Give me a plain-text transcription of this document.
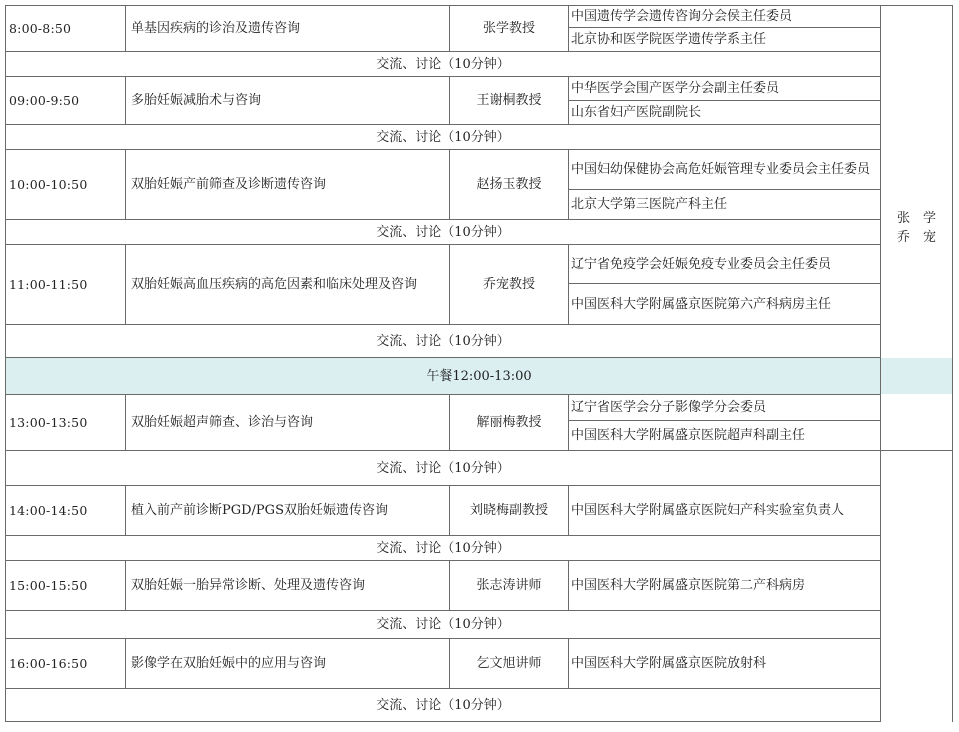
8:00-8:50	单基因疾病的诊治及遗传咨询	张学教授	中国遗传学会遗传咨询分会侯主任委员	张　学
乔　宠	
			北京协和医学院医学遗传学系主任		
交流、讨论（10分钟）					
09:00-9:50	多胎妊娠减胎术与咨询	王谢桐教授	中华医学会围产医学分会副主任委员		
			山东省妇产医院副院长		
交流、讨论（10分钟）					
10:00-10:50	双胎妊娠产前筛查及诊断遗传咨询	赵扬玉教授	中国妇幼保健协会高危妊娠管理专业委员会主任委员		
			北京大学第三医院产科主任		
交流、讨论（10分钟）					
11:00-11:50	双胎妊娠高血压疾病的高危因素和临床处理及咨询	乔宠教授	辽宁省免疫学会妊娠免疫专业委员会主任委员		
			中国医科大学附属盛京医院第六产科病房主任		
交流、讨论（10分钟）					
午餐12:00-13:00					
13:00-13:50	双胎妊娠超声筛查、诊治与咨询	解丽梅教授	辽宁省医学会分子影像学分会委员	
			中国医科大学附属盛京医院超声科副主任		
交流、讨论（10分钟）					
14:00-14:50	植入前产前诊断PGD/PGS双胎妊娠遗传咨询	刘晓梅副教授	中国医科大学附属盛京医院妇产科实验室负责人		
交流、讨论（10分钟）					
15:00-15:50	双胎妊娠一胎异常诊断、处理及遗传咨询	张志涛讲师	中国医科大学附属盛京医院第二产科病房		
交流、讨论（10分钟）					
16:00-16:50	影像学在双胎妊娠中的应用与咨询	乞文旭讲师	中国医科大学附属盛京医院放射科		
交流、讨论（10分钟）					
